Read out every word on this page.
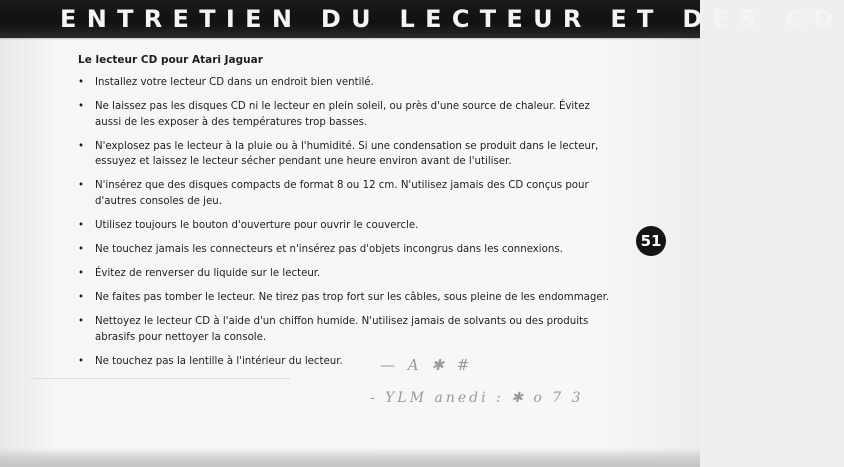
ENTRETIEN DU LECTEUR ET DES CD
Le lecteur CD pour Atari Jaguar
• Installez votre lecteur CD dans un endroit bien ventilé.
• Ne laissez pas les disques CD ni le lecteur en plein soleil, ou près d'une source de chaleur. Évitez aussi de les exposer à des températures trop basses.
• N'explosez pas le lecteur à la pluie ou à l'humidité. Si une condensation se produit dans le lecteur, essuyez et laissez le lecteur sécher pendant une heure environ avant de l'utiliser.
• N'insérez que des disques compacts de format 8 ou 12 cm. N'utilisez jamais des CD conçus pour d'autres consoles de jeu.
• Utilisez toujours le bouton d'ouverture pour ouvrir le couvercle.
• Ne touchez jamais les connecteurs et n'insérez pas d'objets incongrus dans les connexions.
• Évitez de renverser du liquide sur le lecteur.
• Ne faites pas tomber le lecteur. Ne tirez pas trop fort sur les câbles, sous pleine de les endommager.
• Nettoyez le lecteur CD à l'aide d'un chiffon humide. N'utilisez jamais de solvants ou des produits abrasifs pour nettoyer la console.
• Ne touchez pas la lentille à l'intérieur du lecteur.
51
— A ✱ #
- YLM anedi : ✱ o 7 3
